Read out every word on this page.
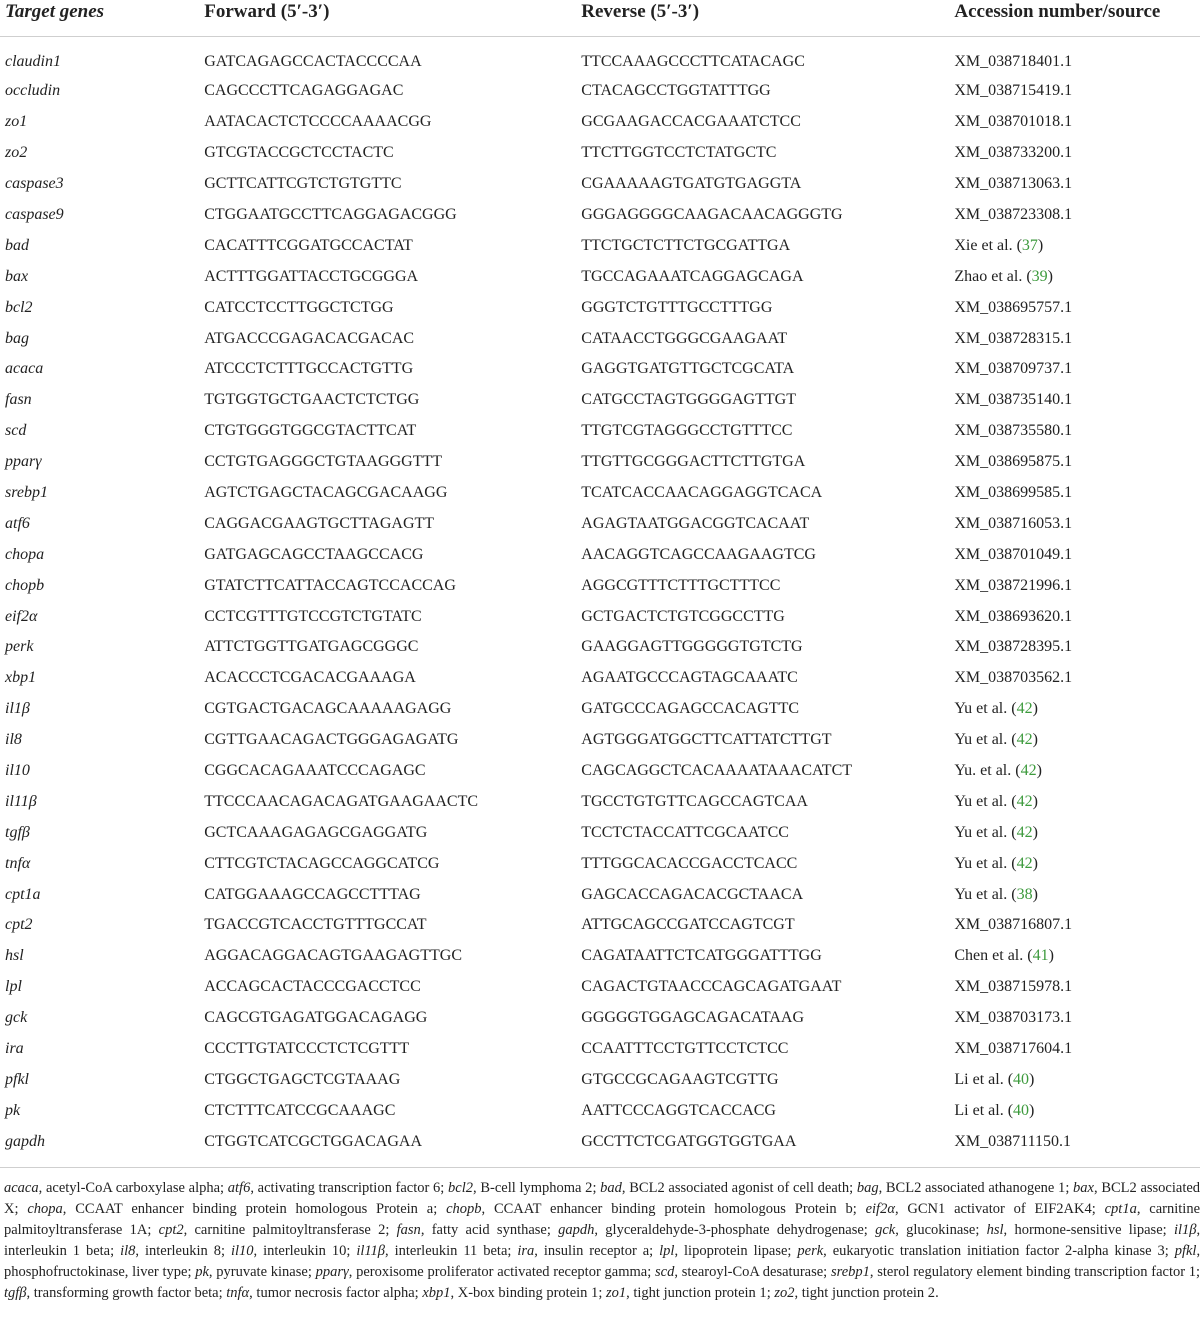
Target genes	Forward (5′-3′)	Reverse (5′-3′)	Accession number/source
claudin1	GATCAGAGCCACTACCCCAA	TTCCAAAGCCCTTCATACAGC	XM_038718401.1
occludin	CAGCCCTTCAGAGGAGAC	CTACAGCCTGGTATTTGG	XM_038715419.1
zo1	AATACACTCTCCCCAAAACGG	GCGAAGACCACGAAATCTCC	XM_038701018.1
zo2	GTCGTACCGCTCCTACTC	TTCTTGGTCCTCTATGCTC	XM_038733200.1
caspase3	GCTTCATTCGTCTGTGTTC	CGAAAAAGTGATGTGAGGTA	XM_038713063.1
caspase9	CTGGAATGCCTTCAGGAGACGGG	GGGAGGGGCAAGACAACAGGGTG	XM_038723308.1
bad	CACATTTCGGATGCCACTAT	TTCTGCTCTTCTGCGATTGA	Xie et al. (37)
bax	ACTTTGGATTACCTGCGGGA	TGCCAGAAATCAGGAGCAGA	Zhao et al. (39)
bcl2	CATCCTCCTTGGCTCTGG	GGGTCTGTTTGCCTTTGG	XM_038695757.1
bag	ATGACCCGAGACACGACAC	CATAACCTGGGCGAAGAAT	XM_038728315.1
acaca	ATCCCTCTTTGCCACTGTTG	GAGGTGATGTTGCTCGCATA	XM_038709737.1
fasn	TGTGGTGCTGAACTCTCTGG	CATGCCTAGTGGGGAGTTGT	XM_038735140.1
scd	CTGTGGGTGGCGTACTTCAT	TTGTCGTAGGGCCTGTTTCC	XM_038735580.1
pparγ	CCTGTGAGGGCTGTAAGGGTTT	TTGTTGCGGGACTTCTTGTGA	XM_038695875.1
srebp1	AGTCTGAGCTACAGCGACAAGG	TCATCACCAACAGGAGGTCACA	XM_038699585.1
atf6	CAGGACGAAGTGCTTAGAGTT	AGAGTAATGGACGGTCACAAT	XM_038716053.1
chopa	GATGAGCAGCCTAAGCCACG	AACAGGTCAGCCAAGAAGTCG	XM_038701049.1
chopb	GTATCTTCATTACCAGTCCACCAG	AGGCGTTTCTTTGCTTTCC	XM_038721996.1
eif2α	CCTCGTTTGTCCGTCTGTATC	GCTGACTCTGTCGGCCTTG	XM_038693620.1
perk	ATTCTGGTTGATGAGCGGGC	GAAGGAGTTGGGGGTGTCTG	XM_038728395.1
xbp1	ACACCCTCGACACGAAAGA	AGAATGCCCAGTAGCAAATC	XM_038703562.1
il1β	CGTGACTGACAGCAAAAAGAGG	GATGCCCAGAGCCACAGTTC	Yu et al. (42)
il8	CGTTGAACAGACTGGGAGAGATG	AGTGGGATGGCTTCATTATCTTGT	Yu et al. (42)
il10	CGGCACAGAAATCCCAGAGC	CAGCAGGCTCACAAAATAAACATCT	Yu. et al. (42)
il11β	TTCCCAACAGACAGATGAAGAACTC	TGCCTGTGTTCAGCCAGTCAA	Yu et al. (42)
tgfβ	GCTCAAAGAGAGCGAGGATG	TCCTCTACCATTCGCAATCC	Yu et al. (42)
tnfα	CTTCGTCTACAGCCAGGCATCG	TTTGGCACACCGACCTCACC	Yu et al. (42)
cpt1a	CATGGAAAGCCAGCCTTTAG	GAGCACCAGACACGCTAACA	Yu et al. (38)
cpt2	TGACCGTCACCTGTTTGCCAT	ATTGCAGCCGATCCAGTCGT	XM_038716807.1
hsl	AGGACAGGACAGTGAAGAGTTGC	CAGATAATTCTCATGGGATTTGG	Chen et al. (41)
lpl	ACCAGCACTACCCGACCTCC	CAGACTGTAACCCAGCAGATGAAT	XM_038715978.1
gck	CAGCGTGAGATGGACAGAGG	GGGGGTGGAGCAGACATAAG	XM_038703173.1
ira	CCCTTGTATCCCTCTCGTTT	CCAATTTCCTGTTCCTCTCC	XM_038717604.1
pfkl	CTGGCTGAGCTCGTAAAG	GTGCCGCAGAAGTCGTTG	Li et al. (40)
pk	CTCTTTCATCCGCAAAGC	AATTCCCAGGTCACCACG	Li et al. (40)
gapdh	CTGGTCATCGCTGGACAGAA	GCCTTCTCGATGGTGGTGAA	XM_038711150.1
acaca, acetyl-CoA carboxylase alpha; atf6, activating transcription factor 6; bcl2, B-cell lymphoma 2; bad, BCL2 associated agonist of cell death; bag, BCL2 associated athanogene 1; bax, BCL2 associated X; chopa, CCAAT enhancer binding protein homologous Protein a; chopb, CCAAT enhancer binding protein homologous Protein b; eif2α, GCN1 activator of EIF2AK4; cpt1a, carnitine palmitoyltransferase 1A; cpt2, carnitine palmitoyltransferase 2; fasn, fatty acid synthase; gapdh, glyceraldehyde-3-phosphate dehydrogenase; gck, glucokinase; hsl, hormone-sensitive lipase; il1β, interleukin 1 beta; il8, interleukin 8; il10, interleukin 10; il11β, interleukin 11 beta; ira, insulin receptor a; lpl, lipoprotein lipase; perk, eukaryotic translation initiation factor 2-alpha kinase 3; pfkl, phosphofructokinase, liver type; pk, pyruvate kinase; pparγ, peroxisome proliferator activated receptor gamma; scd, stearoyl-CoA desaturase; srebp1, sterol regulatory element binding transcription factor 1; tgfβ, transforming growth factor beta; tnfα, tumor necrosis factor alpha; xbp1, X-box binding protein 1; zo1, tight junction protein 1; zo2, tight junction protein 2.
